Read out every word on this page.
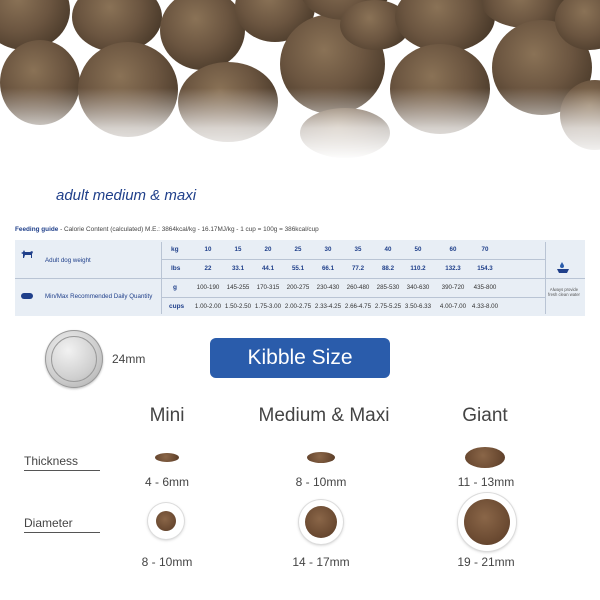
adult medium & maxi
Feeding guide - Calorie Content (calculated) M.E.: 3864kcal/kg - 16.17MJ/kg - 1 cup = 100g = 386kcal/cup
Adult dog weight
Min/Max Recommended Daily Quantity
kg
lbs
g
cups
10	15	20	25	30	35	40	50	60	70
22	33.1	44.1	55.1	66.1	77.2	88.2	110.2	132.3	154.3
100-190	145-255	170-315	200-275	230-430	260-480	285-530	340-630	390-720	435-800
1.00-2.00 1.50-2.50 1.75-3.00 2.00-2.75 2.33-4.25 2.66-4.75 2.75-5.25 3.50-6.33	4.00-7.00 4.33-8.00
Always provide fresh clean water
24mm	Kibble Size
Mini	Medium & Maxi	Giant
Thickness
Diameter
4 - 6mm	8 - 10mm	11 - 13mm
8 - 10mm	14 - 17mm	19 - 21mm
